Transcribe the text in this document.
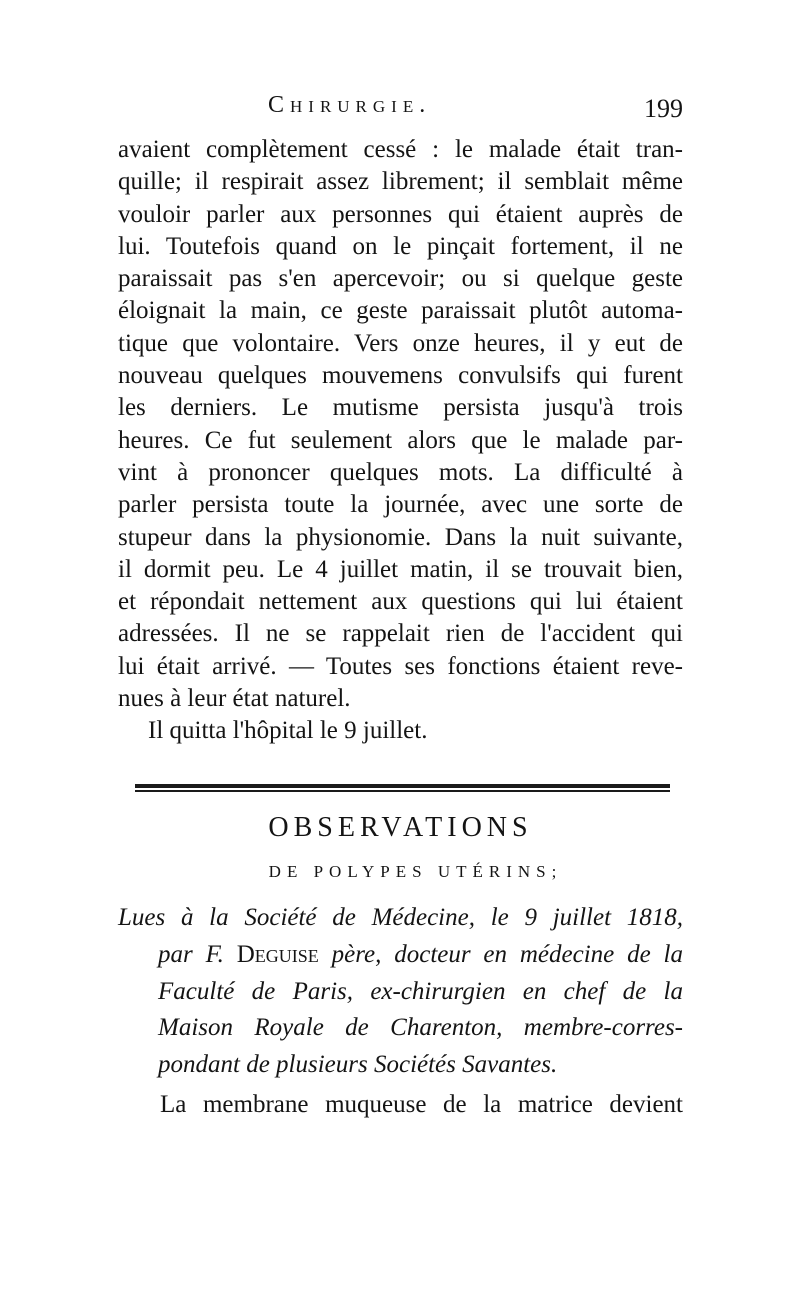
Chirurgie.	199
avaient complètement cessé : le malade était tran-
quille; il respirait assez librement; il semblait même
vouloir parler aux personnes qui étaient auprès de
lui. Toutefois quand on le pinçait fortement, il ne
paraissait pas s'en apercevoir; ou si quelque geste
éloignait la main, ce geste paraissait plutôt automa-
tique que volontaire. Vers onze heures, il y eut de
nouveau quelques mouvemens convulsifs qui furent
les derniers. Le mutisme persista jusqu'à trois
heures. Ce fut seulement alors que le malade par-
vint à prononcer quelques mots. La difficulté à
parler persista toute la journée, avec une sorte de
stupeur dans la physionomie. Dans la nuit suivante,
il dormit peu. Le 4 juillet matin, il se trouvait bien,
et répondait nettement aux questions qui lui étaient
adressées. Il ne se rappelait rien de l'accident qui
lui était arrivé. — Toutes ses fonctions étaient reve-
nues à leur état naturel.
Il quitta l'hôpital le 9 juillet.
OBSERVATIONS
DE POLYPES UTÉRINS;
Lues à la Société de Médecine, le 9 juillet 1818,
par F. Deguise père, docteur en médecine de la
Faculté de Paris, ex-chirurgien en chef de la
Maison Royale de Charenton, membre-corres-
pondant de plusieurs Sociétés Savantes.
La membrane muqueuse de la matrice devient
